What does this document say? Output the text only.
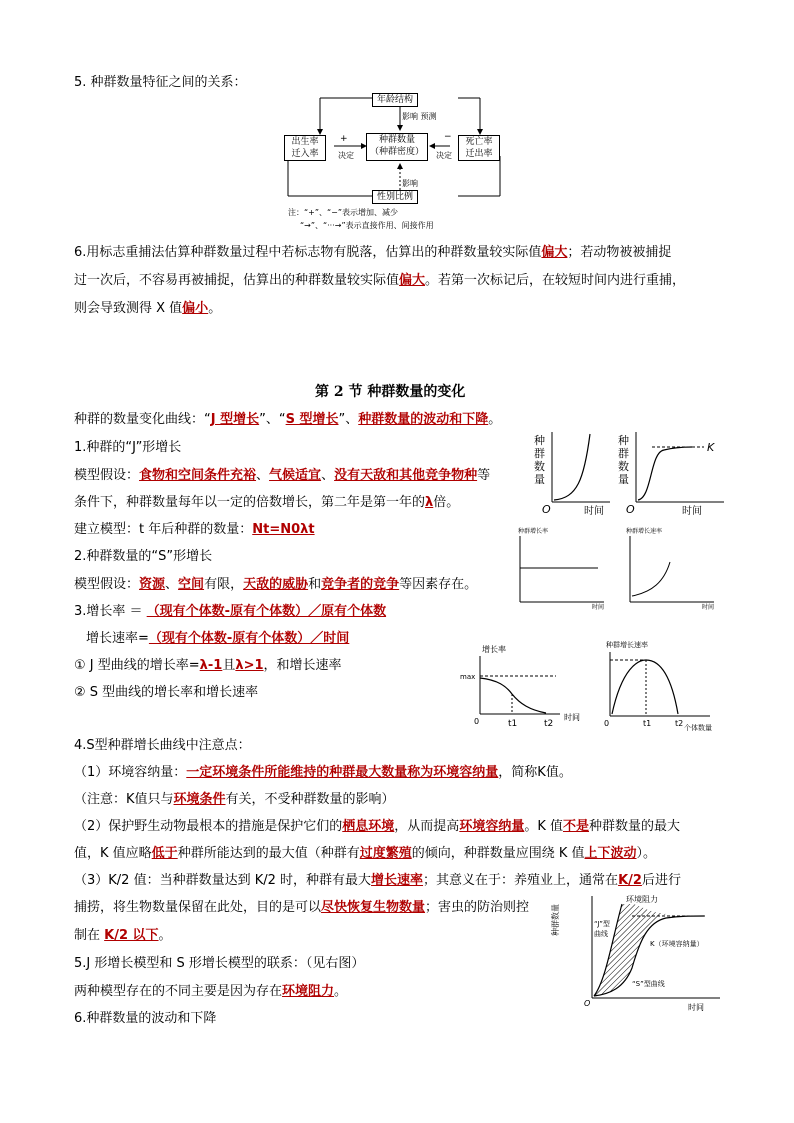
5. 种群数量特征之间的关系：
年龄结构
影响 预测
出生率
迁入率
种群数量
（种群密度）
死亡率
迁出率
+
决定
−
决定
影响
性别比例
注：“+”、“−”表示增加、减少
“→”、“···→”表示直接作用、间接作用
6.用标志重捕法估算种群数量过程中若标志物有脱落，估算出的种群数量较实际值偏大；若动物被被捕捉
过一次后，不容易再被捕捉，估算出的种群数量较实际值偏大。若第一次标记后，在较短时间内进行重捕，
则会导致测得 X 值偏小。
第 2 节 种群数量的变化
种群的数量变化曲线：“J 型增长”、“S 型增长”、种群数量的波动和下降。
1.种群的“J”形增长
模型假设：食物和空间条件充裕、气候适宜、没有天敌和其他竞争物种等
条件下，种群数量每年以一定的倍数增长，第二年是第一年的λ倍。
建立模型：t 年后种群的数量：Nt=N0λt
2.种群数量的“S”形增长
模型假设：资源、空间有限，天敌的威胁和竞争者的竞争等因素存在。
3.增长率 ＝ （现有个体数-原有个体数）／原有个体数
增长速率=（现有个体数-原有个体数）／时间
① J 型曲线的增长率=λ-1且λ>1，和增长速率
② S 型曲线的增长率和增长速率
4.S型种群增长曲线中注意点：
（1）环境容纳量：一定环境条件所能维持的种群最大数量称为环境容纳量，简称K值。
（注意：K值只与环境条件有关，不受种群数量的影响）
（2）保护野生动物最根本的措施是保护它们的栖息环境，从而提高环境容纳量。K 值不是种群数量的最大
值，K 值应略低于种群所能达到的最大值（种群有过度繁殖的倾向，种群数量应围绕 K 值上下波动）。
（3）K/2 值：当种群数量达到 K/2 时，种群有最大增长速率；其意义在于：养殖业上，通常在K/2后进行
捕捞，将生物数量保留在此处，目的是可以尽快恢复生物数量；害虫的防治则控
制在 K/2 以下。
5.J 形增长模型和 S 形增长模型的联系：（见右图）
两种模型存在的不同主要是因为存在环境阻力。
6.种群数量的波动和下降
种
群
数
量
O	时间
种
群
数
量
K
O	时间
种群增长率
时间
种群增长速率
时间
增长率
max
0	t1	t2
时间
种群增长速率
0	t1	t2 个体数量
种群数量
环境阻力
“J”型
曲线
K（环境容纳量）
“S”型曲线
O	时间
